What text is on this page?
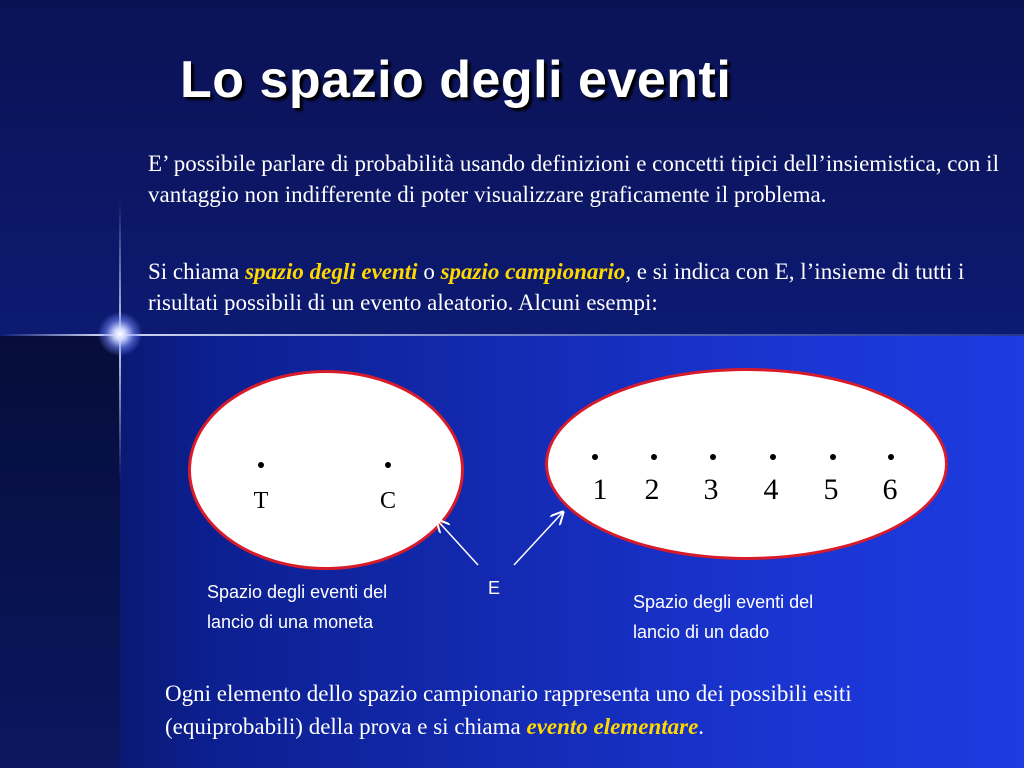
Lo spazio degli eventi

E’ possibile parlare di probabilità usando definizioni e concetti tipici dell’insiemistica, con il vantaggio non indifferente di poter visualizzare graficamente il problema.

Si chiama spazio degli eventi o spazio campionario, e si indica con E, l’insieme di tutti i risultati possibili di un evento aleatorio. Alcuni esempi:

T	C	1 2 3 4 5 6

E

Spazio degli eventi del
lancio di una moneta
Spazio degli eventi del
lancio di un dado

Ogni elemento dello spazio campionario rappresenta uno dei possibili esiti (equiprobabili) della prova e si chiama evento elementare.
